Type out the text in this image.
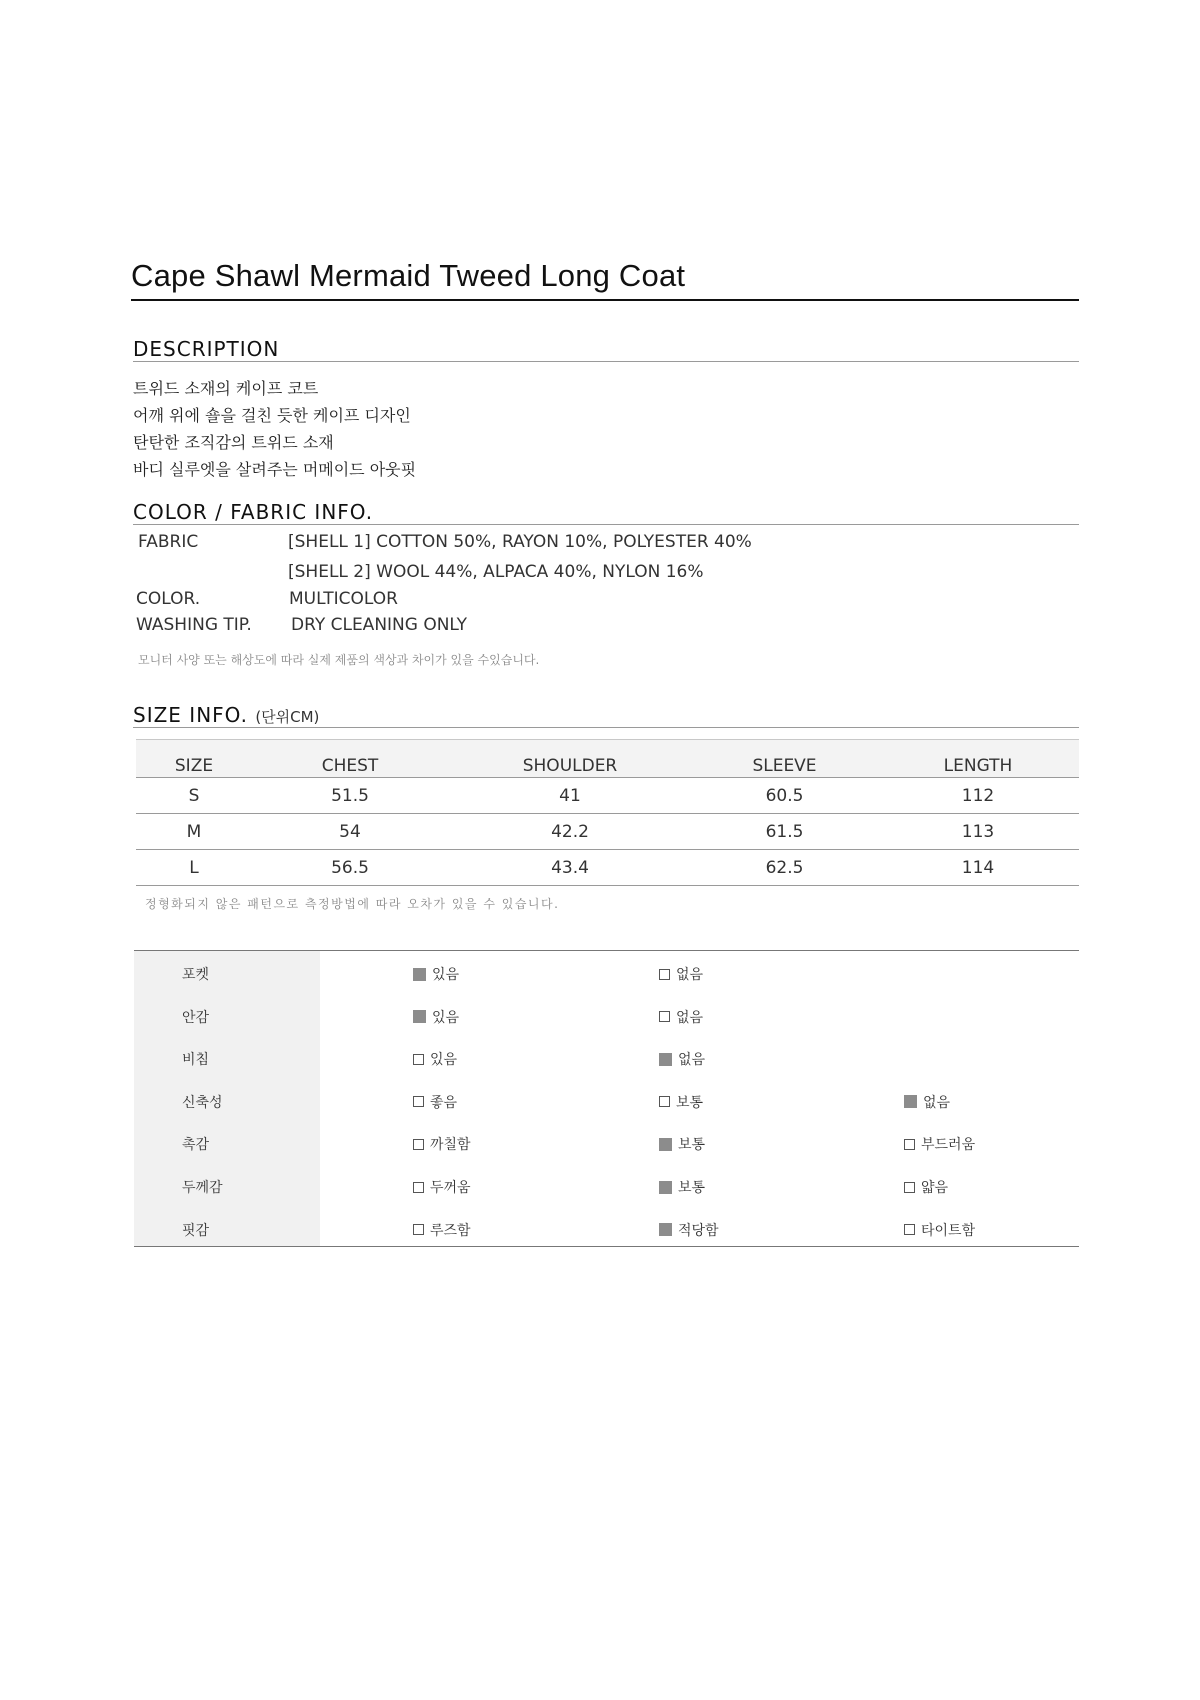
Cape Shawl Mermaid Tweed Long Coat
DESCRIPTION
트위드 소재의 케이프 코트
어깨 위에 숄을 걸친 듯한 케이프 디자인
탄탄한 조직감의 트위드 소재
바디 실루엣을 살려주는 머메이드 아웃핏
COLOR / FABRIC INFO.
FABRIC	[SHELL 1] COTTON 50%, RAYON 10%, POLYESTER 40%
[SHELL 2] WOOL 44%, ALPACA 40%, NYLON 16%
COLOR.	MULTICOLOR
WASHING TIP. DRY CLEANING ONLY
모니터 사양 또는 해상도에 따라 실제 제품의 색상과 차이가 있을 수있습니다.
SIZE INFO. (단위CM)
SIZE	CHEST	SHOULDER	SLEEVE	LENGTH
S	51.5	41	60.5	112
M	54	42.2	61.5	113
L	56.5	43.4	62.5	114
정형화되지 않은 패턴으로 측정방법에 따라 오차가 있을 수 있습니다.
포켓	있음	없음
안감	있음	없음
비침	있음	없음
신축성	좋음	보통	없음
촉감	까칠함	보통	부드러움
두께감	두꺼움	보통	얇음
핏감	루즈함	적당함	타이트함
